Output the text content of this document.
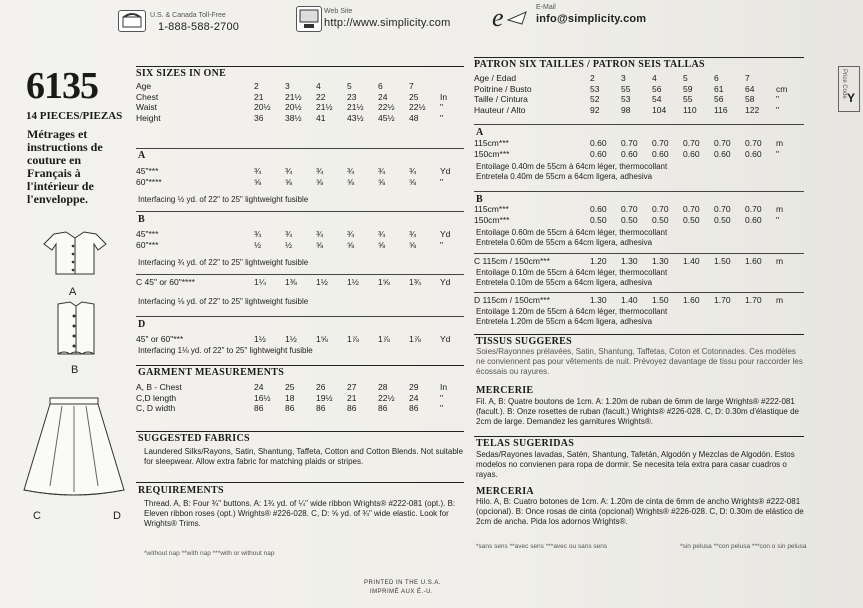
U.S. & Canada Toll-Free
1-888-588-2700
Web Site
http://www.simplicity.com e	E-Mail
info@simplicity.com
6135
14 PIECES/PIEZAS
Métrages et instructions de couture en Français à l'intérieur de l'enveloppe.
A
B
C	D
SIX SIZES IN ONE
Age	2	3	4	5	6	7	
Chest	21	21½	22	23	24	25	In
Waist	20½	20½	21½	21½	22½	22½	"
Height	36	38½	41	43½	45½	48	"
A
45"***	¾	¾	¾	¾	¾	¾	Yd
60"****	⅝	⅝	⅝	⅝	⅝	⅝	"
Interfacing ½ yd. of 22" to 25" lightweight fusible
B
45"***	¾	¾	¾	¾	¾	¾	Yd
60"***	½	½	⅝	⅝	⅝	⅝	"
Interfacing ¾ yd. of 22" to 25" lightweight fusible
C 45" or 60"****	1¼	1⅜	1½	1½	1⅝	1¾	Yd
Interfacing ⅛ yd. of 22" to 25" lightweight fusible
D
45" or 60"***	1½	1½	1⅝	1⅞	1⅞	1⅞	Yd
Interfacing 1⅛ yd. of 22" to 25" lightweight fusible
GARMENT MEASUREMENTS
A, B - Chest	24	25	26	27	28	29	In
C,D length	16½	18	19½	21	22½	24	"
C, D width	86	86	86	86	86	86	"
SUGGESTED FABRICS
Laundered Silks/Rayons, Satin, Shantung, Taffeta, Cotton and Cotton Blends. Not suitable for sleepwear. Allow extra fabric for matching plaids or stripes.
REQUIREMENTS
Thread. A, B: Four ¾" buttons. A: 1¾ yd. of ¼" wide ribbon Wrights® #222-081 (opt.). B: Eleven ribbon roses (opt.) Wrights® #226-028. C, D: ⅝ yd. of ¾" wide elastic. Look for Wrights® Trims.
*without nap **with nap ***with or without nap
PATRON SIX TAILLES / PATRON SEIS TALLAS
Age / Edad	2	3	4	5	6	7	
Poitrine / Busto	53	55	56	59	61	64	cm
Taille / Cintura	52	53	54	55	56	58	"
Hauteur / Alto	92	98	104	110	116	122	"
A
115cm***	0.60	0.70	0.70	0.70	0.70	0.70	m
150cm***	0.60	0.60	0.60	0.60	0.60	0.60	"
Entoilage 0.40m de 55cm à 64cm léger, thermocollant
Entretela 0.40m de 55cm a 64cm ligera, adhesiva
B
115cm***	0.60	0.70	0.70	0.70	0.70	0.70	m
150cm***	0.50	0.50	0.50	0.50	0.50	0.60	"
Entoilage 0.60m de 55cm à 64cm léger, thermocollant
Entretela 0.60m de 55cm a 64cm ligera, adhesiva
C 115cm / 150cm***	1.20	1.30	1.30	1.40	1.50	1.60	m
Entoilage 0.10m de 55cm à 64cm léger, thermocollant
Entretela 0.10m de 55cm a 64cm ligera, adhesiva
D 115cm / 150cm***	1.30	1.40	1.50	1.60	1.70	1.70	m
Entoilage 1.20m de 55cm à 64cm léger, thermocollant
Entretela 1.20m de 55cm a 64cm ligera, adhesiva
TISSUS SUGGERES
Soies/Rayonnes prélavées, Satin, Shantung, Taffetas, Coton et Cotonnades. Ces modèles ne conviennent pas pour vêtements de nuit. Prévoyez davantage de tissu pour raccorder les écossais ou rayures.
MERCERIE
Fil. A, B: Quatre boutons de 1cm. A: 1.20m de ruban de 6mm de large Wrights® #222-081 (facult.). B: Onze rosettes de ruban (facult.) Wrights® #226-028. C, D: 0.30m d'élastique de 2cm de large. Demandez les garnitures Wrights®.
TELAS SUGERIDAS
Sedas/Rayones lavadas, Satén, Shantung, Tafetán, Algodón y Mezclas de Algodón. Estos modelos no convienen para ropa de dormir. Se necesita tela extra para casar cuadros o rayas.
MERCERIA
Hilo. A, B: Cuatro botones de 1cm. A: 1.20m de cinta de 6mm de ancho Wrights® #222-081 (opcional). B: Once rosas de cinta (opcional) Wrights® #226-028. C, D: 0.30m de elástico de 2cm de ancha. Pida los adornos Wrights®.
*sans sens **avec sens ***avec ou sans sens	*sin pelusa **con pelusa ***con o sin pelusa
PRINTED IN THE U.S.A.
IMPRIMÉ AUX É.-U.
Price Code Y
